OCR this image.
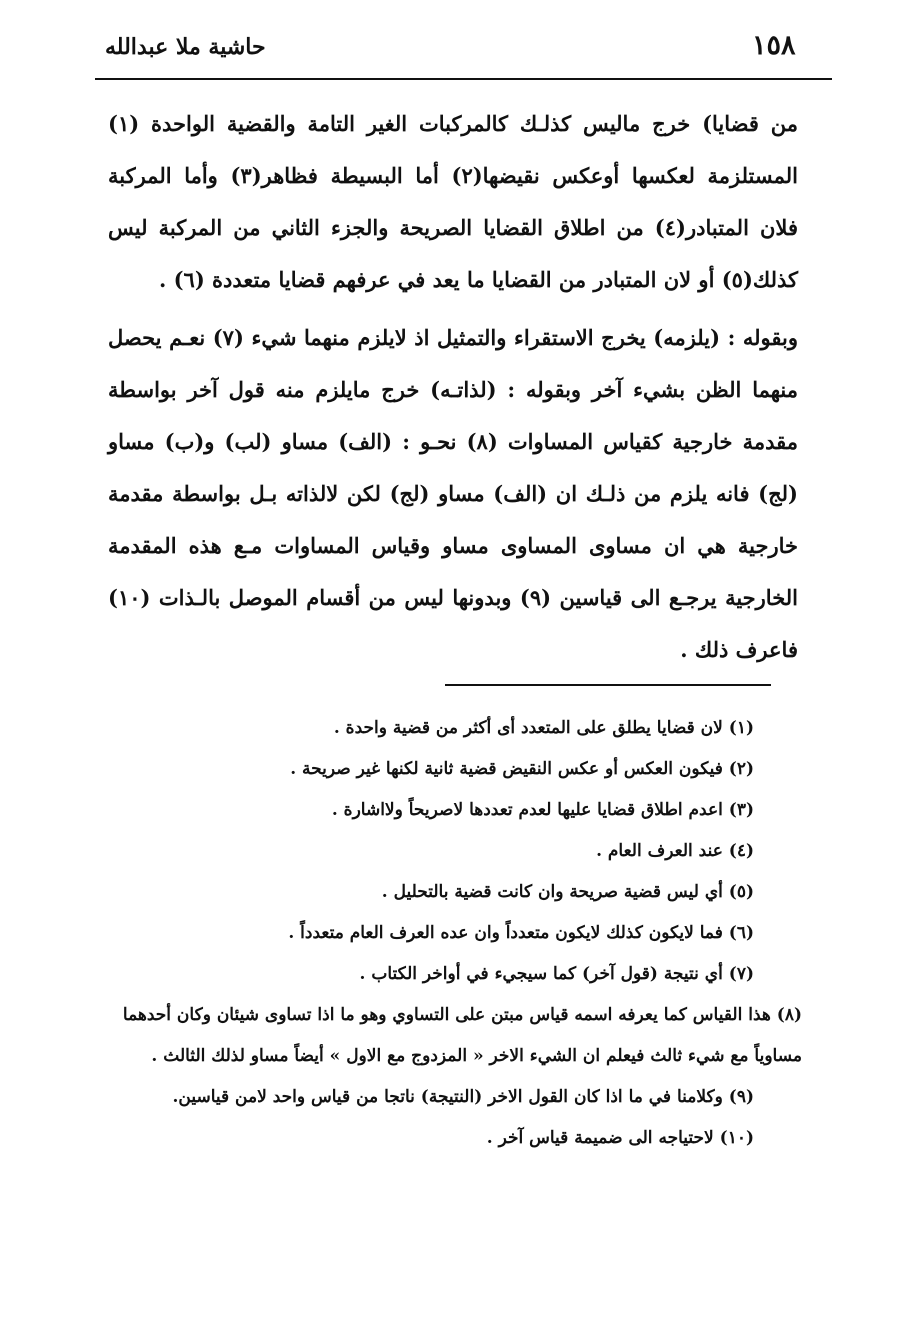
١٥٨
حاشية ملا عبدالله

من قضايا) خرج ماليس كذلـك كالمركبات الغير التا‍ﻣﺔ والقضية الواحدة (١) المستلزمة لعكسها أوعكس نقيضها(٢) أما البسيطة فظاهر(٣) وأما المركبة فلان المتبادر(٤) من اطلاق القضايا الصريحة والجزء الثاني من المركبة ليس كذلك(٥) أو لان المتبادر من القضايا ما يعد في عرفهم قضايا متعددة (٦) .

وبقوله : (يلزمه) يخرج الاستقراء والتمثيل اذ لايلزم منهما شيء (٧) نعـم يحصل منهما الظن بشيء آخر وبقوله : (لذاتـه) خرج مايلزم منه قول آخر بواسطة مقدمة خارجية كقياس المساوات (٨) نحـو : (الف) مساو (لب) و(ب) مساو (لج) فانه يلزم من ذلـك ان (الف) مساو (لج) لكن لالذاته بـل بواسطة مقدمة خارجية هي ان مساوى المساوى مساو وقياس المساوات مـع هذه المقدمة الخارجية يرجـع الى قياسين (٩) وبدونها ليس من أقسام الموصل بالـذات (١٠) فاعرف ذلك .

(١) لان قضايا يطلق على المتعدد أى أكثر من قضية واحدة .

(٢) فيكون العكس أو عكس النقيض قضية ثانية لكنها غير صريحة .

(٣) اعدم اطلاق قضايا عليها لعدم تعددها لاصريحاً ولااشارة .

(٤) عند العرف العام .

(٥) أي ليس قضية صريحة وان كانت قضية بالتحليل .

(٦) فما لايكون كذلك لايكون متعدداً وان عده العرف العام متعدداً .

(٧) أي نتيجة (قول آخر) كما سيجيء في أواخر الكتاب .

(٨) هذا القياس كما يعرفه اسمه قياس مبتن على التساوي وهو ما اذا تساوى شيئان وكان أحدهما مساوياً مع شيء ثالث فيعلم ان الشيء الاخر « المزدوج مع الاول » أيضاً مساو لذلك الثالث .

(٩) وكلامنا في ما اذا كان القول الاخر (النتيجة) ناتجا من قياس واحد لامن قياسين.

(١٠) لاحتياجه الى ضميمة قياس آخر .
